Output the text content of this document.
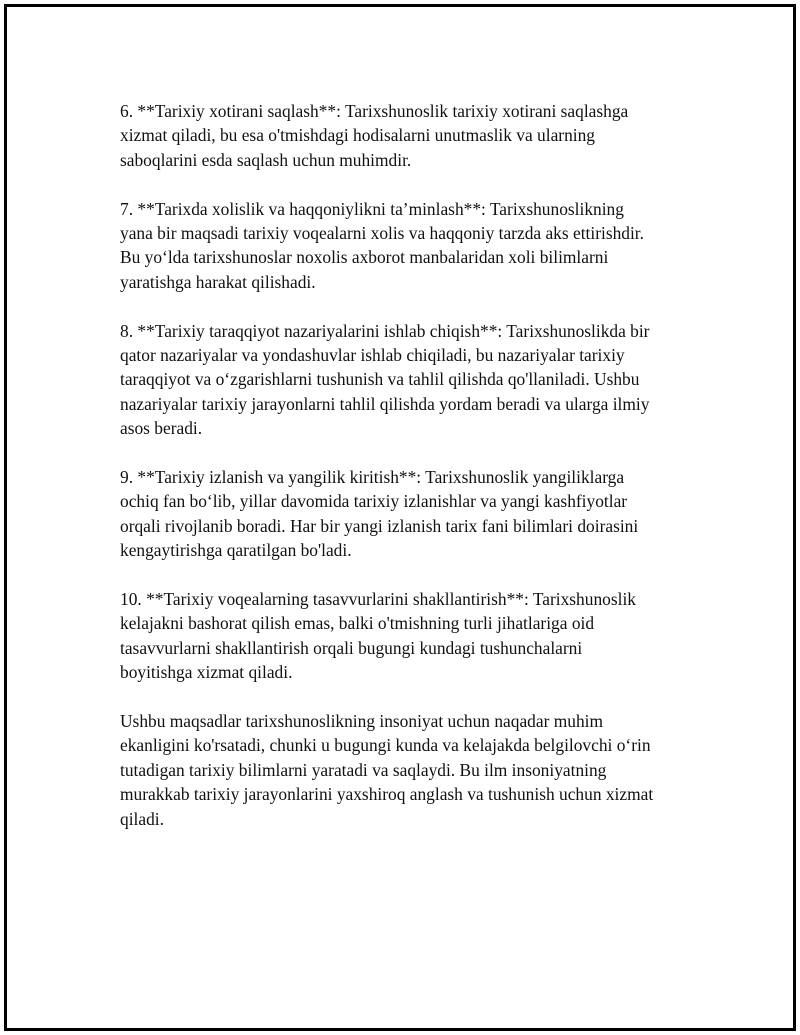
6. **Tarixiy xotirani saqlash**: Tarixshunoslik tarixiy xotirani saqlashga
xizmat qiladi, bu esa o'tmishdagi hodisalarni unutmaslik va ularning
saboqlarini esda saqlash uchun muhimdir.

7. **Tarixda xolislik va haqqoniylikni ta’minlash**: Tarixshunoslikning
yana bir maqsadi tarixiy voqealarni xolis va haqqoniy tarzda aks ettirishdir.
Bu yo‘lda tarixshunoslar noxolis axborot manbalaridan xoli bilimlarni
yaratishga harakat qilishadi.

8. **Tarixiy taraqqiyot nazariyalarini ishlab chiqish**: Tarixshunoslikda bir
qator nazariyalar va yondashuvlar ishlab chiqiladi, bu nazariyalar tarixiy
taraqqiyot va o‘zgarishlarni tushunish va tahlil qilishda qo'llaniladi. Ushbu
nazariyalar tarixiy jarayonlarni tahlil qilishda yordam beradi va ularga ilmiy
asos beradi.

9. **Tarixiy izlanish va yangilik kiritish**: Tarixshunoslik yangiliklarga
ochiq fan bo‘lib, yillar davomida tarixiy izlanishlar va yangi kashfiyotlar
orqali rivojlanib boradi. Har bir yangi izlanish tarix fani bilimlari doirasini
kengaytirishga qaratilgan bo'ladi.

10. **Tarixiy voqealarning tasavvurlarini shakllantirish**: Tarixshunoslik
kelajakni bashorat qilish emas, balki o'tmishning turli jihatlariga oid
tasavvurlarni shakllantirish orqali bugungi kundagi tushunchalarni
boyitishga xizmat qiladi.

Ushbu maqsadlar tarixshunoslikning insoniyat uchun naqadar muhim
ekanligini ko'rsatadi, chunki u bugungi kunda va kelajakda belgilovchi o‘rin
tutadigan tarixiy bilimlarni yaratadi va saqlaydi. Bu ilm insoniyatning
murakkab tarixiy jarayonlarini yaxshiroq anglash va tushunish uchun xizmat
qiladi.
